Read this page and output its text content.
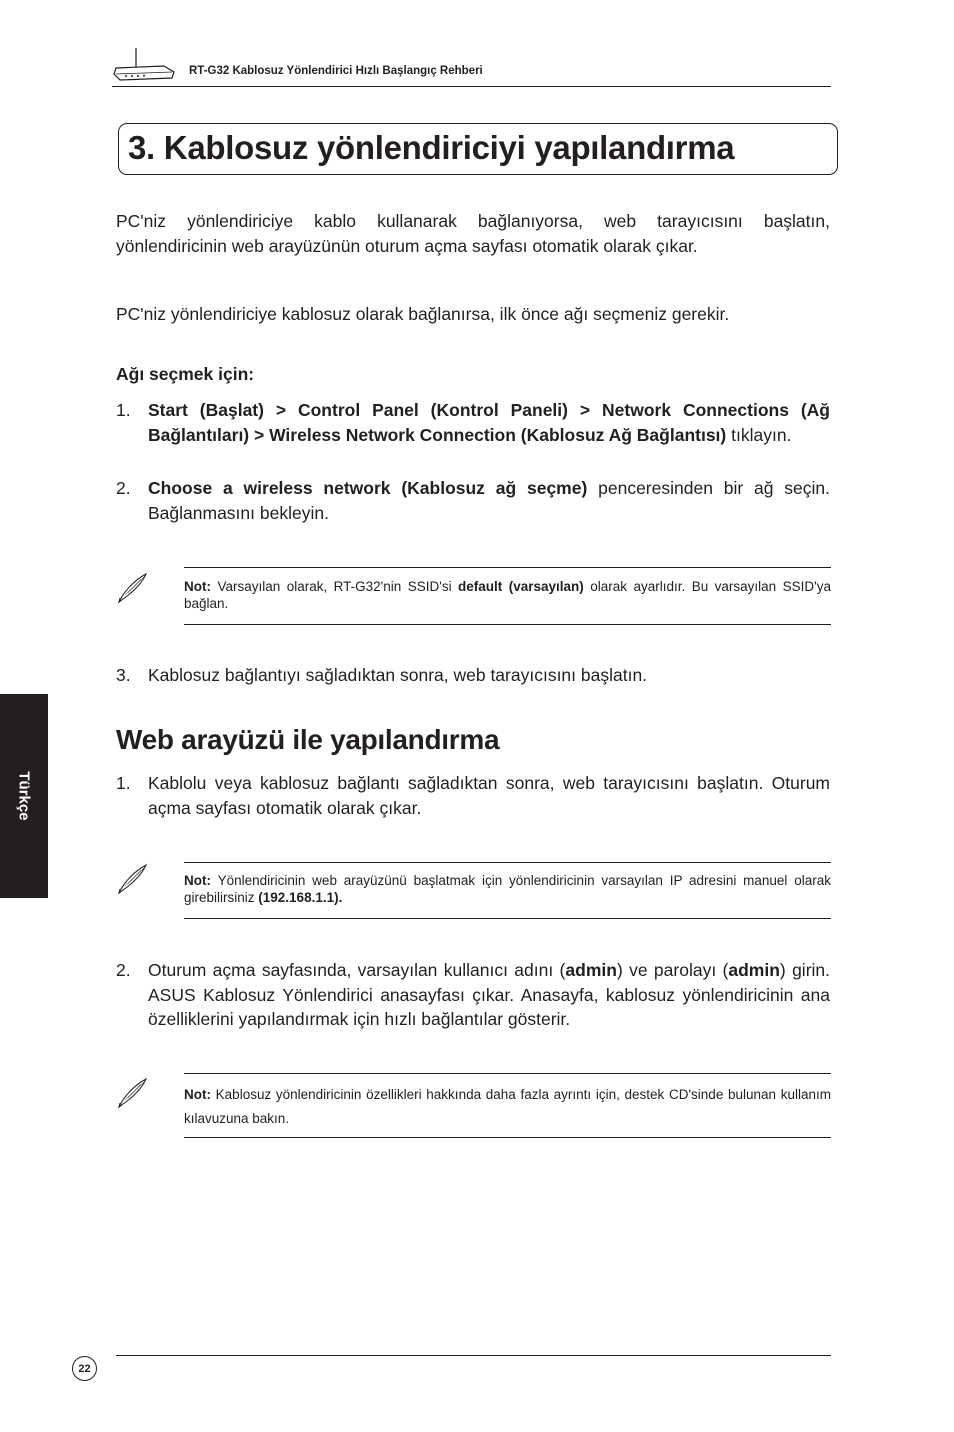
RT-G32 Kablosuz Yönlendirici Hızlı Başlangıç Rehberi
3. Kablosuz yönlendiriciyi yapılandırma
PC'niz yönlendiriciye kablo kullanarak bağlanıyorsa, web tarayıcısını başlatın, yönlendiricinin web arayüzünün oturum açma sayfası otomatik olarak çıkar.
PC'niz yönlendiriciye kablosuz olarak bağlanırsa, ilk önce ağı seçmeniz gerekir.
Ağı seçmek için:
1. Start (Başlat) > Control Panel (Kontrol Paneli) > Network Connections (Ağ Bağlantıları) > Wireless Network Connection (Kablosuz Ağ Bağlantısı) tıklayın.
2. Choose a wireless network (Kablosuz ağ seçme) penceresinden bir ağ seçin. Bağlanmasını bekleyin.
Not: Varsayılan olarak, RT-G32'nin SSID'si default (varsayılan) olarak ayarlıdır. Bu varsayılan SSID'ya bağlan.
3. Kablosuz bağlantıyı sağladıktan sonra, web tarayıcısını başlatın.
Web arayüzü ile yapılandırma
1. Kablolu veya kablosuz bağlantı sağladıktan sonra, web tarayıcısını başlatın. Oturum açma sayfası otomatik olarak çıkar.
Not: Yönlendiricinin web arayüzünü başlatmak için yönlendiricinin varsayılan IP adresini manuel olarak girebilirsiniz (192.168.1.1).
2. Oturum açma sayfasında, varsayılan kullanıcı adını (admin) ve parolayı (admin) girin. ASUS Kablosuz Yönlendirici anasayfası çıkar. Anasayfa, kablosuz yönlendiricinin ana özelliklerini yapılandırmak için hızlı bağlantılar gösterir.
Not: Kablosuz yönlendiricinin özellikleri hakkında daha fazla ayrıntı için, destek CD'sinde bulunan kullanım kılavuzuna bakın.
Türkçe
22
